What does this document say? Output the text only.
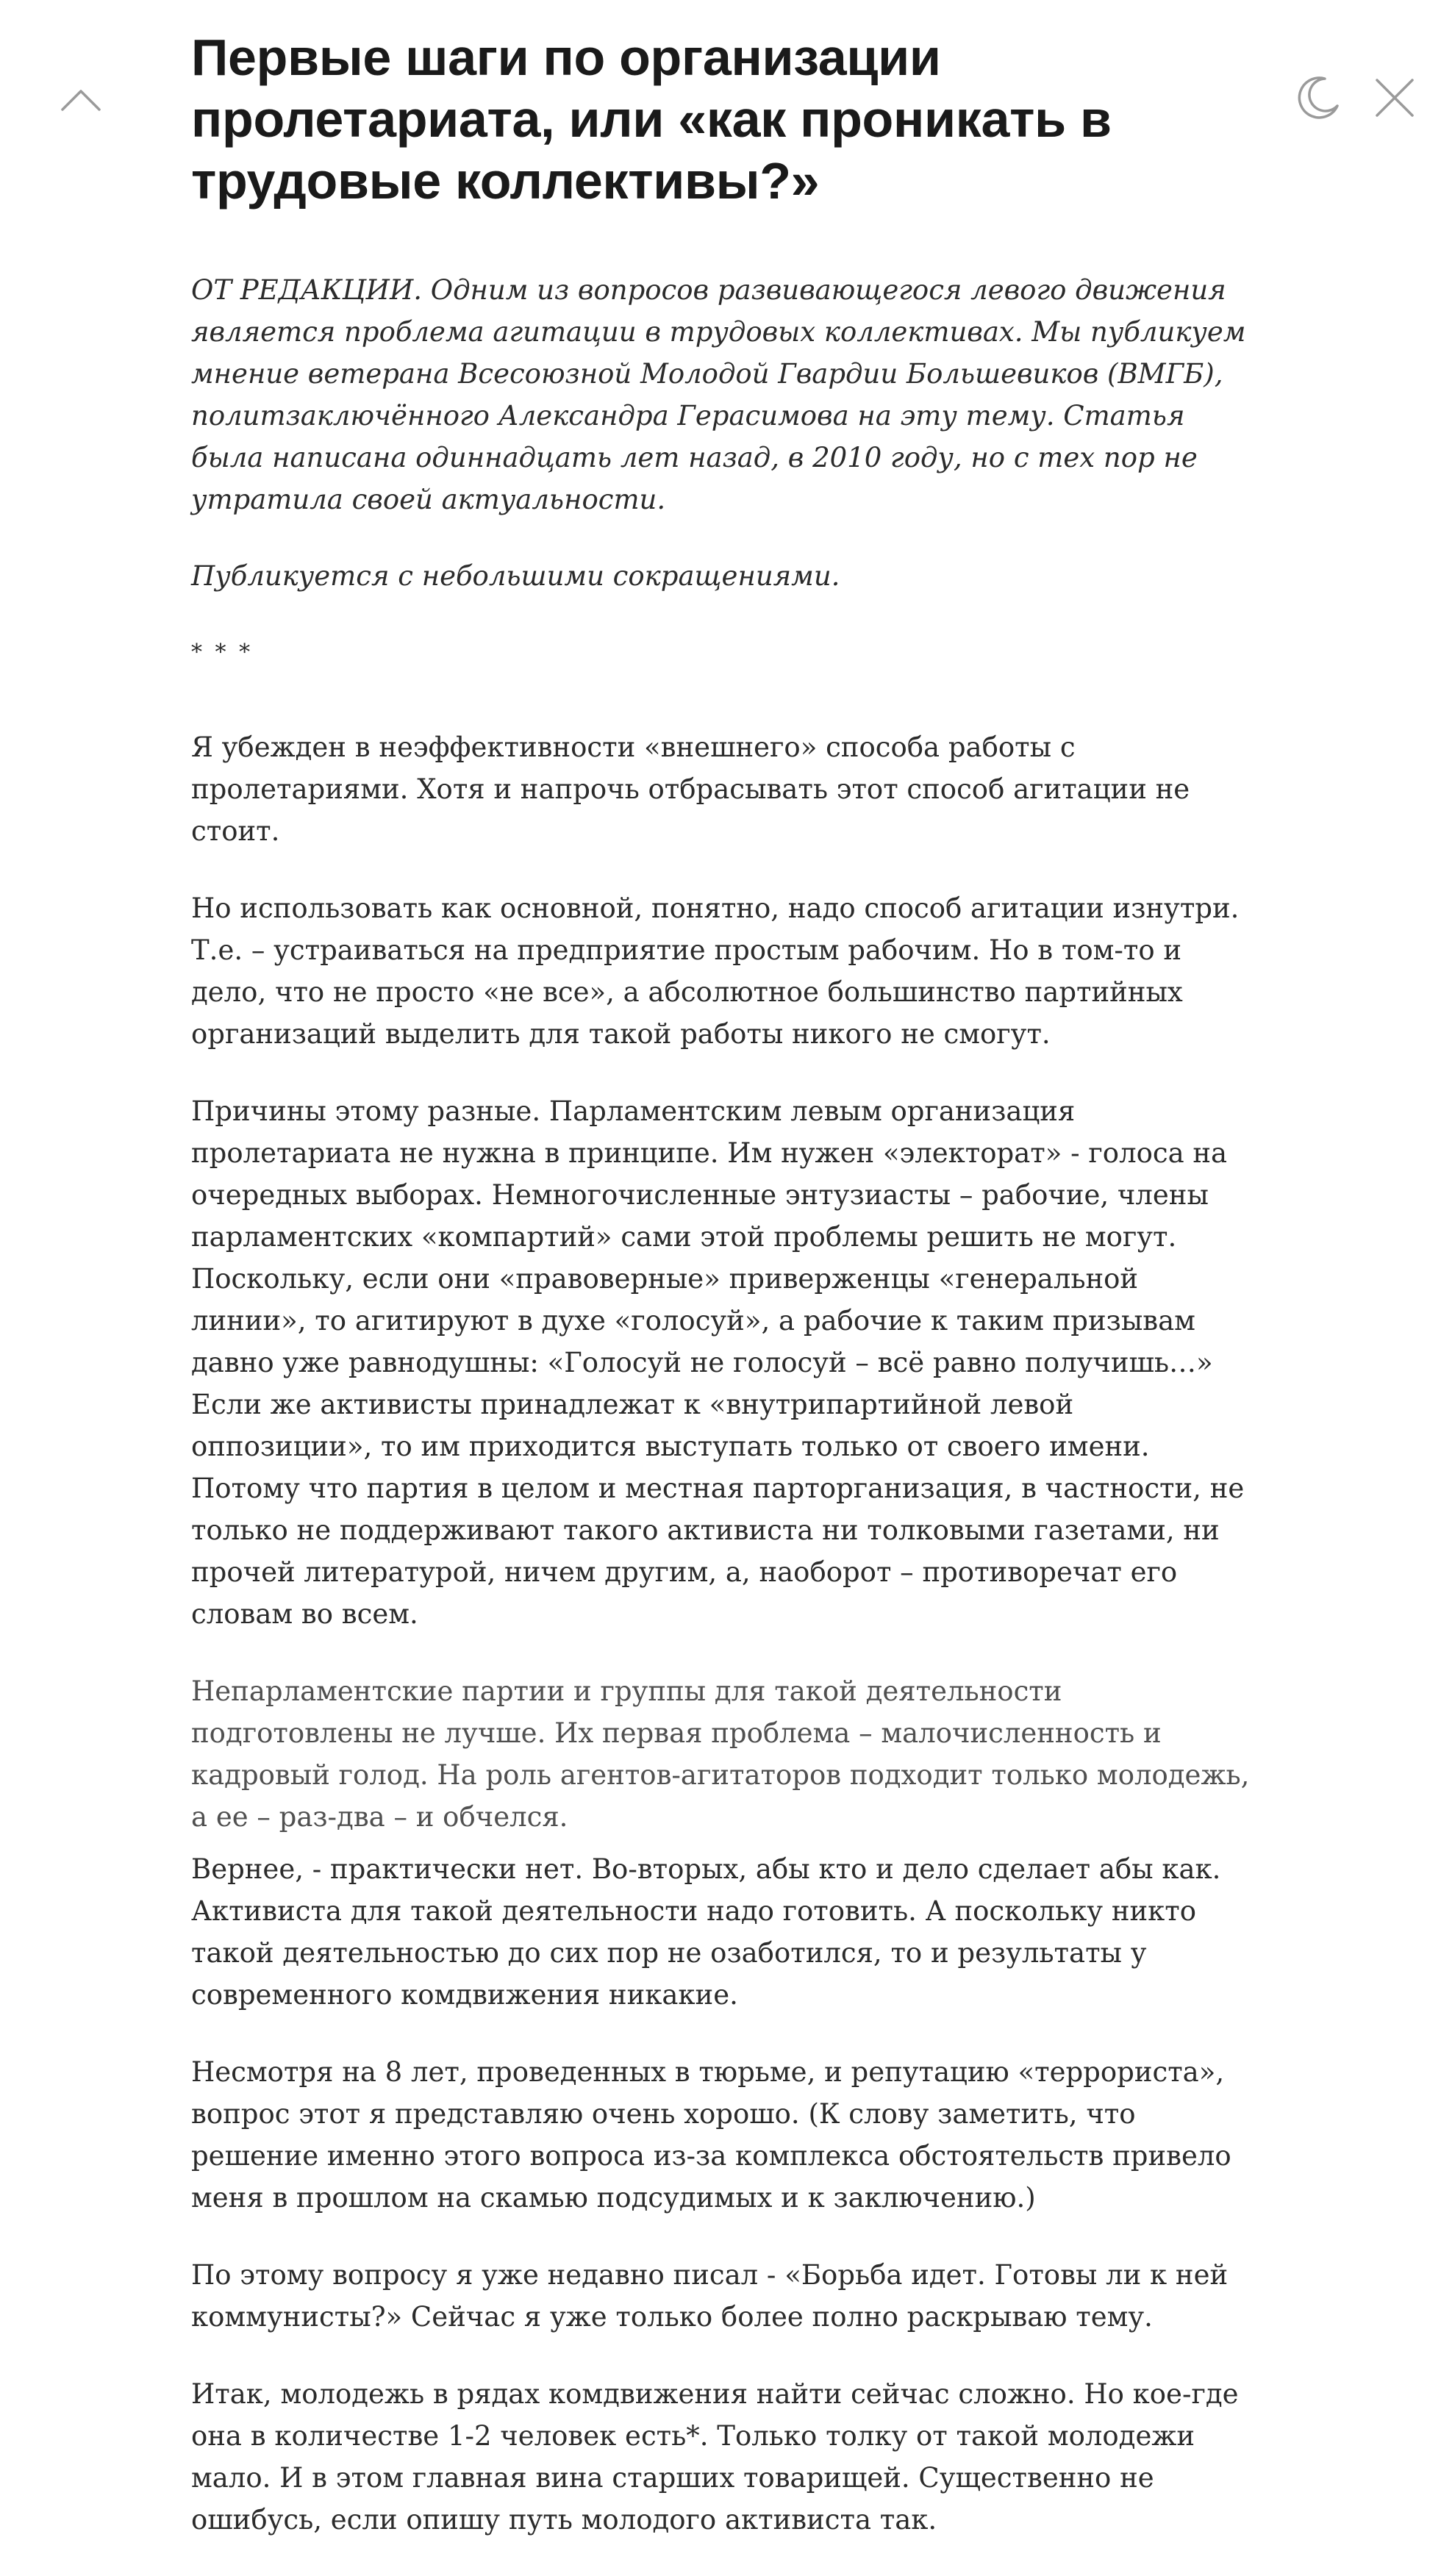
Первые шаги по организации пролетариата, или «как проникать в трудовые коллективы?»

ОТ РЕДАКЦИИ. Одним из вопросов развивающегося левого движения является проблема агитации в трудовых коллективах. Мы публикуем мнение ветерана Всесоюзной Молодой Гвардии Большевиков (ВМГБ), политзаключённого Александра Герасимова на эту тему. Статья была написана одиннадцать лет назад, в 2010 году, но с тех пор не утратила своей актуальности.

Публикуется с небольшими сокращениями.

* * *

Я убежден в неэффективности «внешнего» способа работы с пролетариями. Хотя и напрочь отбрасывать этот способ агитации не стоит.

Но использовать как основной, понятно, надо способ агитации изнутри. Т.е. – устраиваться на предприятие простым рабочим. Но в том-то и дело, что не просто «не все», а абсолютное большинство партийных организаций выделить для такой работы никого не смогут.

Причины этому разные. Парламентским левым организация пролетариата не нужна в принципе. Им нужен «электорат» - голоса на очередных выборах. Немногочисленные энтузиасты – рабочие, члены парламентских «компартий» сами этой проблемы решить не могут. Поскольку, если они «правоверные» приверженцы «генеральной линии», то агитируют в духе «голосуй», а рабочие к таким призывам давно уже равнодушны: «Голосуй не голосуй – всё равно получишь…» Если же активисты принадлежат к «внутрипартийной левой оппозиции», то им приходится выступать только от своего имени. Потому что партия в целом и местная парторганизация, в частности, не только не поддерживают такого активиста ни толковыми газетами, ни прочей литературой, ничем другим, а, наоборот – противоречат его словам во всем.

Непарламентские партии и группы для такой деятельности подготовлены не лучше. Их первая проблема – малочисленность и кадровый голод. На роль агентов-агитаторов подходит только молодежь, а ее – раз-два – и обчелся.

Вернее, - практически нет. Во-вторых, абы кто и дело сделает абы как. Активиста для такой деятельности надо готовить. А поскольку никто такой деятельностью до сих пор не озаботился, то и результаты у современного комдвижения никакие.

Несмотря на 8 лет, проведенных в тюрьме, и репутацию «террориста», вопрос этот я представляю очень хорошо. (К слову заметить, что решение именно этого вопроса из-за комплекса обстоятельств привело меня в прошлом на скамью подсудимых и к заключению.)

По этому вопросу я уже недавно писал - «Борьба идет. Готовы ли к ней коммунисты?» Сейчас я уже только более полно раскрываю тему.

Итак, молодежь в рядах комдвижения найти сейчас сложно. Но кое-где она в количестве 1-2 человек есть*. Только толку от такой молодежи мало. И в этом главная вина старших товарищей. Существенно не ошибусь, если опишу путь молодого активиста так.
